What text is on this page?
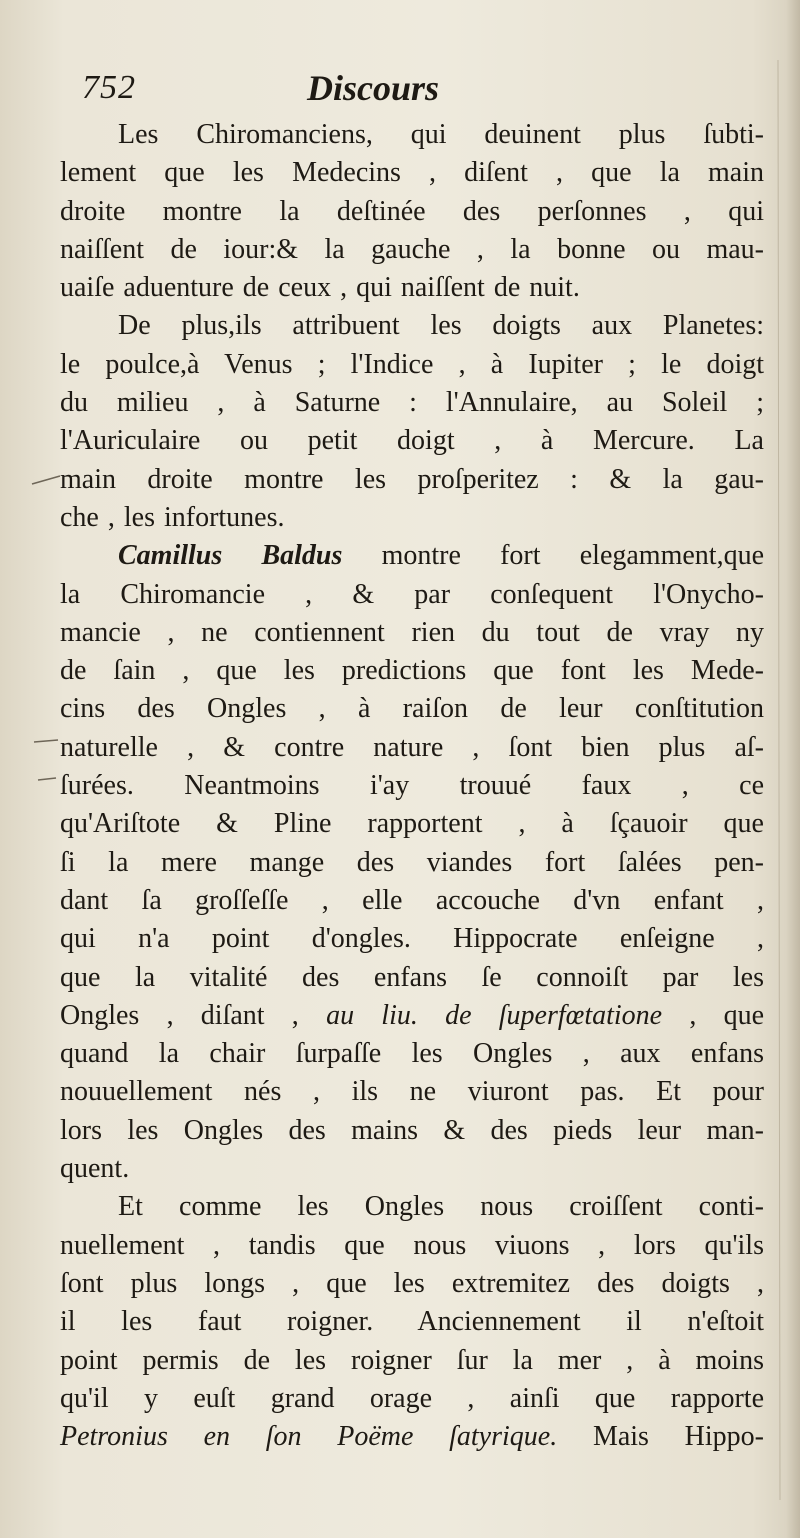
752	Discours
Les Chiromanciens, qui deuinent plus ſubti-
lement que les Medecins , diſent , que la main
droite montre la deſtinée des perſonnes , qui
naiſſent de iour:& la gauche , la bonne ou mau-
uaiſe aduenture de ceux , qui naiſſent de nuit.
De plus,ils attribuent les doigts aux Planetes:
le poulce,à Venus ; l'Indice , à Iupiter ; le doigt
du milieu , à Saturne : l'Annulaire, au Soleil ;
l'Auriculaire ou petit doigt , à Mercure. La
main droite montre les proſperitez : & la gau-
che , les infortunes.
Camillus Baldus montre fort elegamment,que
la Chiromancie , & par conſequent l'Onycho-
mancie , ne contiennent rien du tout de vray ny
de ſain , que les predictions que font les Mede-
cins des Ongles , à raiſon de leur conſtitution
naturelle , & contre nature , ſont bien plus aſ-
ſurées. Neantmoins i'ay trouué faux , ce
qu'Ariſtote & Pline rapportent , à ſçauoir que
ſi la mere mange des viandes fort ſalées pen-
dant ſa groſſeſſe , elle accouche d'vn enfant ,
qui n'a point d'ongles. Hippocrate enſeigne ,
que la vitalité des enfans ſe connoiſt par les
Ongles , diſant , au liu. de ſuperfœtatione , que
quand la chair ſurpaſſe les Ongles , aux enfans
nouuellement nés , ils ne viuront pas. Et pour
lors les Ongles des mains & des pieds leur man-
quent.
Et comme les Ongles nous croiſſent conti-
nuellement , tandis que nous viuons , lors qu'ils
ſont plus longs , que les extremitez des doigts ,
il les faut roigner. Anciennement il n'eſtoit
point permis de les roigner ſur la mer , à moins
qu'il y euſt grand orage , ainſi que rapporte
Petronius en ſon Poëme ſatyrique. Mais Hippo-
